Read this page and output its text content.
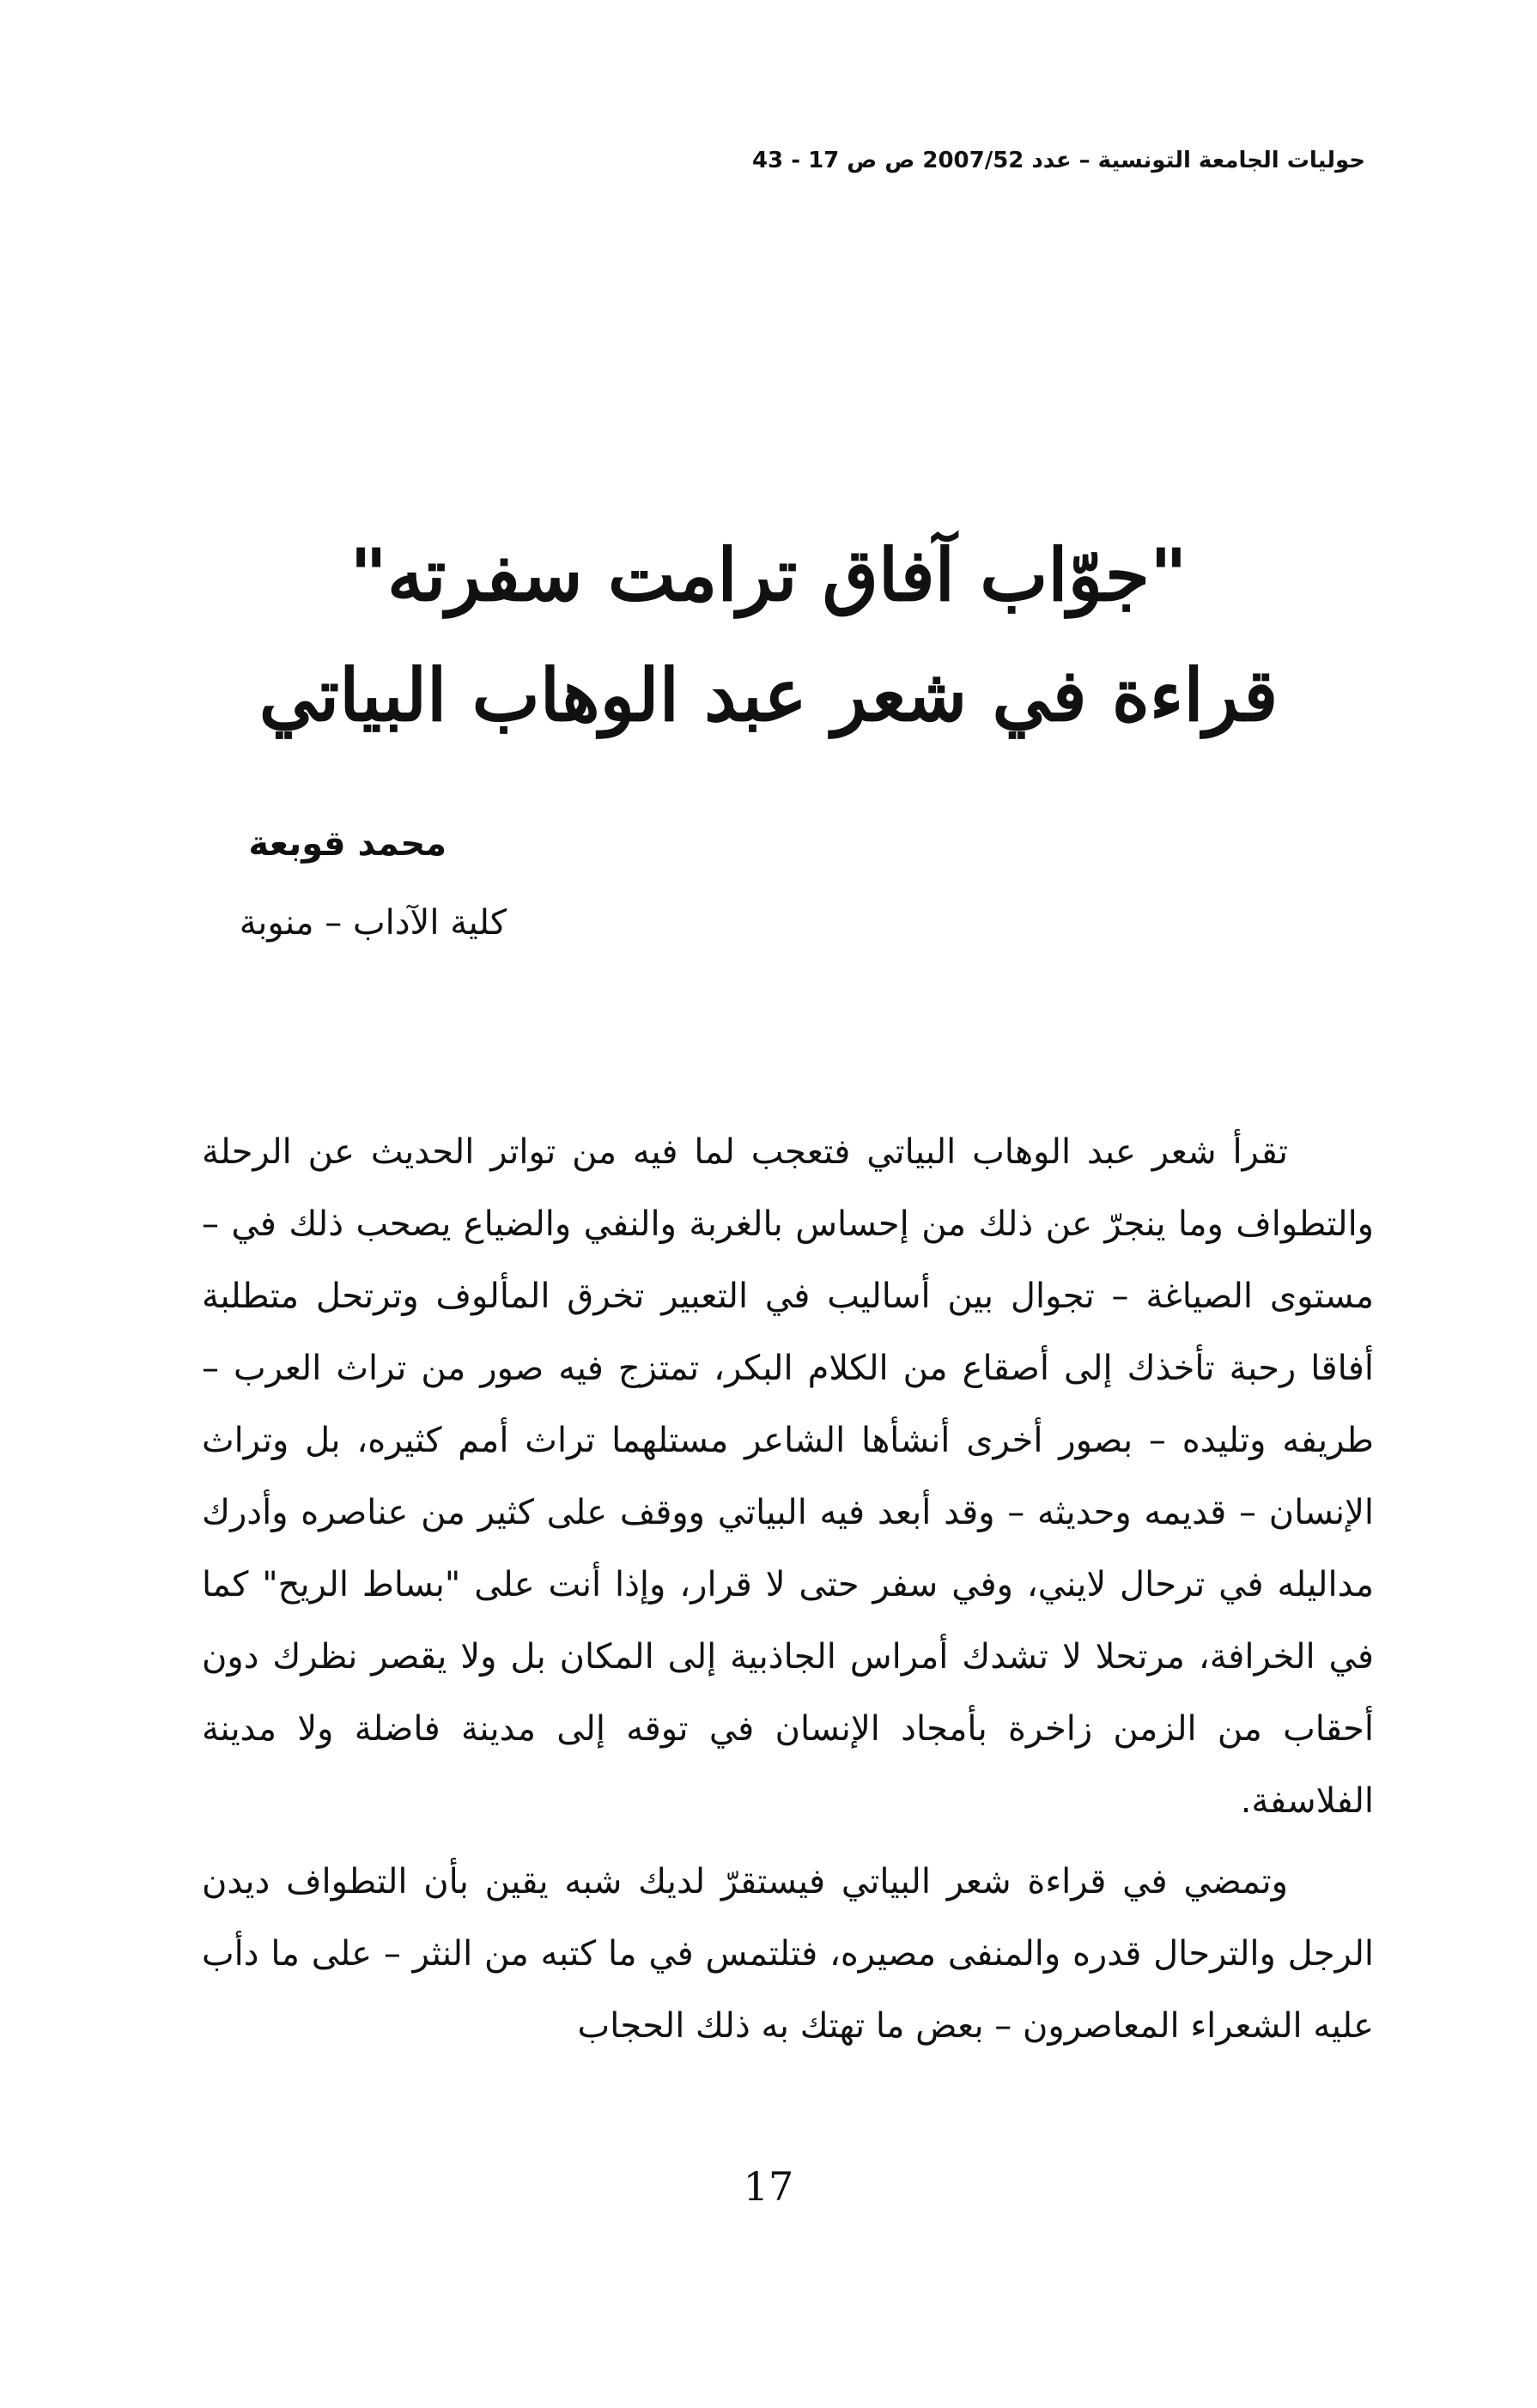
حوليات الجامعة التونسية – عدد 2007/52 ص ص 17 - 43
"جوّاب آفاق ترامت سفرته"
قراءة في شعر عبد الوهاب البياتي
محمد قوبعة
كلية الآداب – منوبة

تقرأ شعر عبد الوهاب البياتي فتعجب لما فيه من تواتر الحديث عن الرحلة والتطواف وما ينجرّ عن ذلك من إحساس بالغربة والنفي والضياع يصحب ذلك في – مستوى الصياغة – تجوال بين أساليب في التعبير تخرق المألوف وترتحل متطلبة أفاقا رحبة تأخذك إلى أصقاع من الكلام البكر، تمتزج فيه صور من تراث العرب – طريفه وتليده – بصور أخرى أنشأها الشاعر مستلهما تراث أمم كثيره، بل وتراث الإنسان – قديمه وحديثه – وقد أبعد فيه البياتي ووقف على كثير من عناصره وأدرك مداليله في ترحال لايني، وفي سفر حتى لا قرار، وإذا أنت على "بساط الريح" كما في الخرافة، مرتحلا لا تشدك أمراس الجاذبية إلى المكان بل ولا يقصر نظرك دون أحقاب من الزمن زاخرة بأمجاد الإنسان في توقه إلى مدينة فاضلة ولا مدينة الفلاسفة.

وتمضي في قراءة شعر البياتي فيستقرّ لديك شبه يقين بأن التطواف ديدن الرجل والترحال قدره والمنفى مصيره، فتلتمس في ما كتبه من النثر – على ما دأب عليه الشعراء المعاصرون – بعض ما تهتك به ذلك الحجاب

17
